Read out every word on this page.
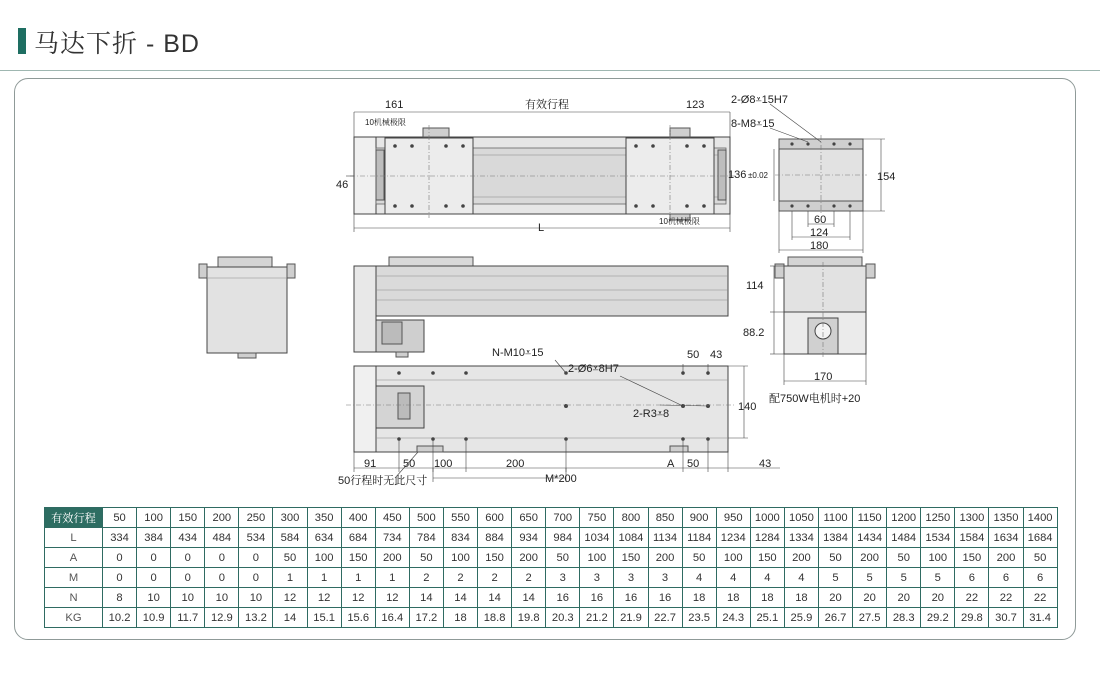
马达下折 - BD
161	有效行程	123
10机械极限
10机械极限
46
L
2-Ø8⩡15H7
8-M8⩡15
136 ±0.02	154
60
124
180
114
88.2
170
配750W电机时+20
N-M10⩡15
2-Ø6⩡8H7
50 43
2-R3⩡8
140
91 50 100	200	A 50	43
M*200
50行程时无此尺寸
有效行程	50	100	150	200	250	300	350	400	450	500	550	600	650	700	750	800	850	900	950	1000	1050	1100	1150	1200	1250	1300	1350	1400
L	334	384	434	484	534	584	634	684	734	784	834	884	934	984	1034	1084	1134	1184	1234	1284	1334	1384	1434	1484	1534	1584	1634	1684
A	0	0	0	0	0	50	100	150	200	50	100	150	200	50	100	150	200	50	100	150	200	50	200	50	100	150	200	50
M	0	0	0	0	0	1	1	1	1	2	2	2	2	3	3	3	3	4	4	4	4	5	5	5	5	6	6	6
N	8	10	10	10	10	12	12	12	12	14	14	14	14	16	16	16	16	18	18	18	18	20	20	20	20	22	22	22
KG	10.2	10.9	11.7	12.9	13.2	14	15.1	15.6	16.4	17.2	18	18.8	19.8	20.3	21.2	21.9	22.7	23.5	24.3	25.1	25.9	26.7	27.5	28.3	29.2	29.8	30.7	31.4
